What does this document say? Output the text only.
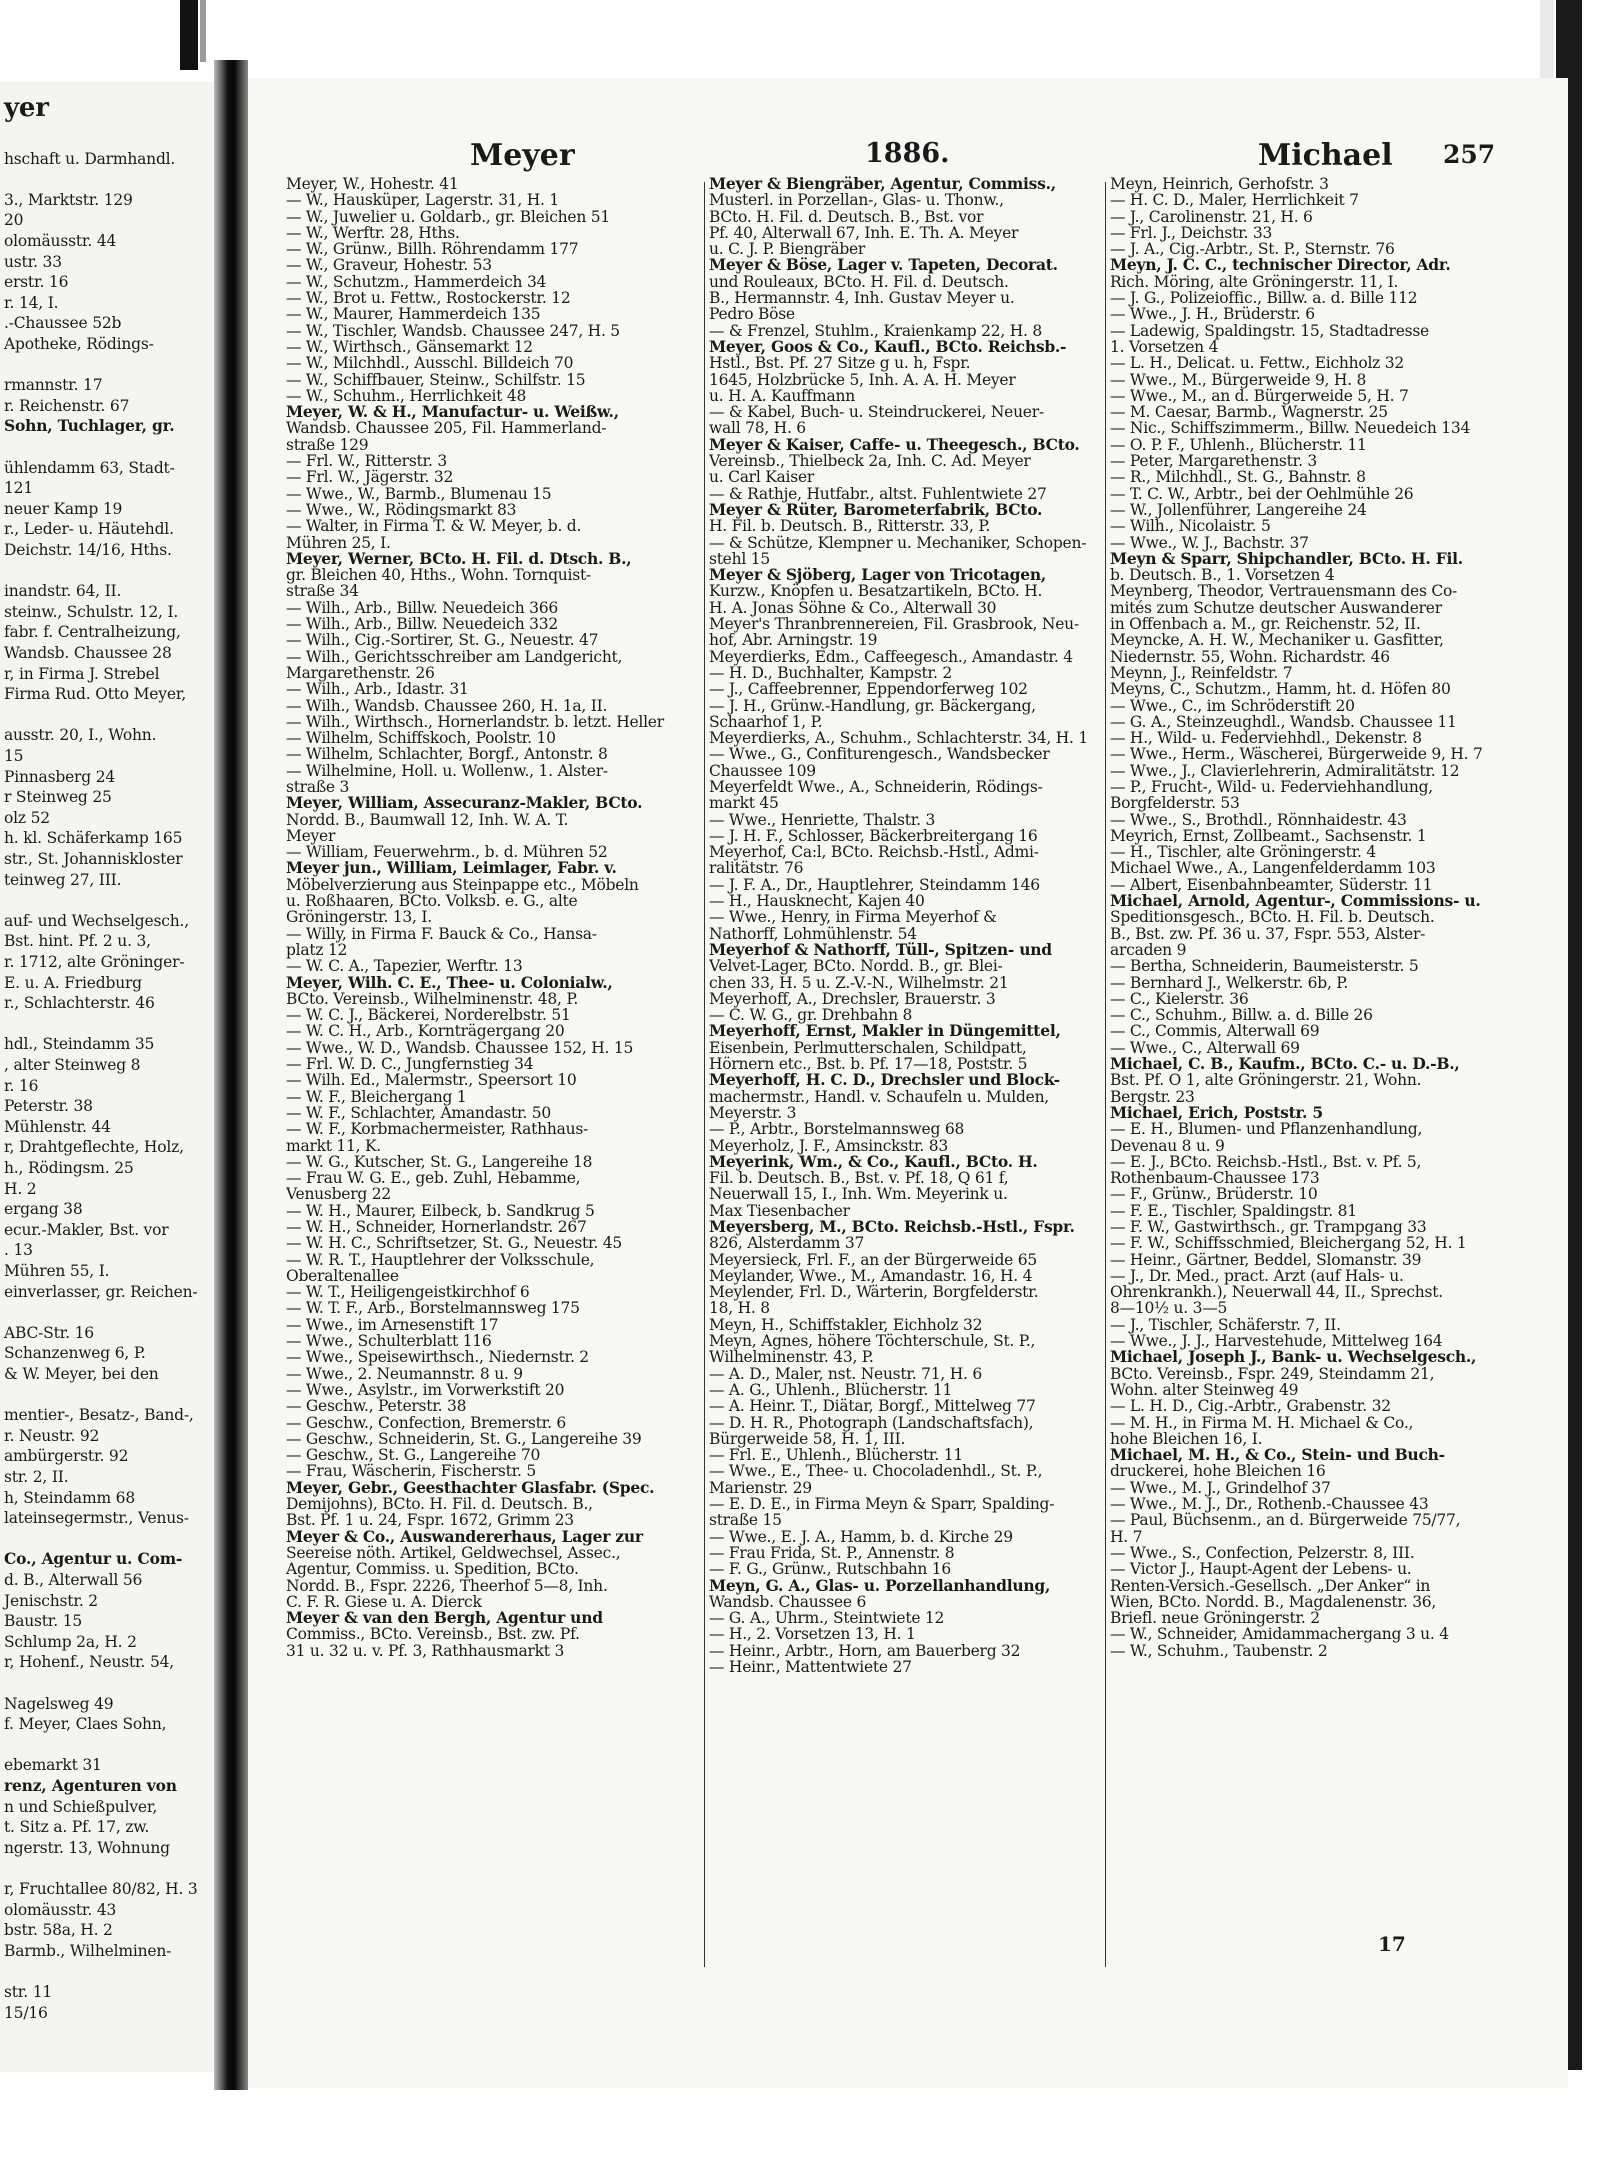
yer
hschaft u. Darmhandl.
3., Marktstr. 129
20
olomäusstr. 44
ustr. 33
erstr. 16
r. 14, I.
.-Chaussee 52b
Apotheke, Rödings-
rmannstr. 17
r. Reichenstr. 67
Sohn, Tuchlager, gr.
ühlendamm 63, Stadt-
121
neuer Kamp 19
r., Leder- u. Häutehdl.
Deichstr. 14/16, Hths.
inandstr. 64, II.
steinw., Schulstr. 12, I.
fabr. f. Centralheizung,
Wandsb. Chaussee 28
r, in Firma J. Strebel
Firma Rud. Otto Meyer,
ausstr. 20, I., Wohn.
15
Pinnasberg 24
r Steinweg 25
olz 52
h. kl. Schäferkamp 165
str., St. Johanniskloster
teinweg 27, III.
auf- und Wechselgesch.,
Bst. hint. Pf. 2 u. 3,
r. 1712, alte Gröninger-
E. u. A. Friedburg
r., Schlachterstr. 46
hdl., Steindamm 35
, alter Steinweg 8
r. 16
Peterstr. 38
Mühlenstr. 44
r, Drahtgeflechte, Holz,
h., Rödingsm. 25
H. 2
ergang 38
ecur.-Makler, Bst. vor
. 13
Mühren 55, I.
einverlasser, gr. Reichen-
ABC-Str. 16
Schanzenweg 6, P.
& W. Meyer, bei den
mentier-, Besatz-, Band-,
r. Neustr. 92
ambürgerstr. 92
str. 2, II.
h, Steindamm 68
lateinsegermstr., Venus-
Co., Agentur u. Com-
d. B., Alterwall 56
Jenischstr. 2
Baustr. 15
Schlump 2a, H. 2
r, Hohenf., Neustr. 54,
Nagelsweg 49
f. Meyer, Claes Sohn,
ebemarkt 31
renz, Agenturen von
n und Schießpulver,
t. Sitz a. Pf. 17, zw.
ngerstr. 13, Wohnung
r, Fruchtallee 80/82, H. 3
olomäusstr. 43
bstr. 58a, H. 2
Barmb., Wilhelminen-
str. 11
15/16
Meyer	1886.	Michael 257
Meyer, W., Hohestr. 41
— W., Hausküper, Lagerstr. 31, H. 1
— W., Juwelier u. Goldarb., gr. Bleichen 51
— W., Werftr. 28, Hths.
— W., Grünw., Billh. Röhrendamm 177
— W., Graveur, Hohestr. 53
— W., Schutzm., Hammerdeich 34
— W., Brot u. Fettw., Rostockerstr. 12
— W., Maurer, Hammerdeich 135
— W., Tischler, Wandsb. Chaussee 247, H. 5
— W., Wirthsch., Gänsemarkt 12
— W., Milchhdl., Ausschl. Billdeich 70
— W., Schiffbauer, Steinw., Schilfstr. 15
— W., Schuhm., Herrlichkeit 48
Meyer, W. & H., Manufactur- u. Weißw.,
Wandsb. Chaussee 205, Fil. Hammerland-
straße 129
— Frl. W., Ritterstr. 3
— Frl. W., Jägerstr. 32
— Wwe., W., Barmb., Blumenau 15
— Wwe., W., Rödingsmarkt 83
— Walter, in Firma T. & W. Meyer, b. d.
Mühren 25, I.
Meyer, Werner, BCto. H. Fil. d. Dtsch. B.,
gr. Bleichen 40, Hths., Wohn. Tornquist-
straße 34
— Wilh., Arb., Billw. Neuedeich 366
— Wilh., Arb., Billw. Neuedeich 332
— Wilh., Cig.-Sortirer, St. G., Neuestr. 47
— Wilh., Gerichtsschreiber am Landgericht,
Margarethenstr. 26
— Wilh., Arb., Idastr. 31
— Wilh., Wandsb. Chaussee 260, H. 1a, II.
— Wilh., Wirthsch., Hornerlandstr. b. letzt. Heller
— Wilhelm, Schiffskoch, Poolstr. 10
— Wilhelm, Schlachter, Borgf., Antonstr. 8
— Wilhelmine, Holl. u. Wollenw., 1. Alster-
straße 3
Meyer, William, Assecuranz-Makler, BCto.
Nordd. B., Baumwall 12, Inh. W. A. T.
Meyer
— William, Feuerwehrm., b. d. Mühren 52
Meyer jun., William, Leimlager, Fabr. v.
Möbelverzierung aus Steinpappe etc., Möbeln
u. Roßhaaren, BCto. Volksb. e. G., alte
Gröningerstr. 13, I.
— Willy, in Firma F. Bauck & Co., Hansa-
platz 12
— W. C. A., Tapezier, Werftr. 13
Meyer, Wilh. C. E., Thee- u. Colonialw.,
BCto. Vereinsb., Wilhelminenstr. 48, P.
— W. C. J., Bäckerei, Norderelbstr. 51
— W. C. H., Arb., Kornträgergang 20
— Wwe., W. D., Wandsb. Chaussee 152, H. 15
— Frl. W. D. C., Jungfernstieg 34
— Wilh. Ed., Malermstr., Speersort 10
— W. F., Bleichergang 1
— W. F., Schlachter, Amandastr. 50
— W. F., Korbmachermeister, Rathhaus-
markt 11, K.
— W. G., Kutscher, St. G., Langereihe 18
— Frau W. G. E., geb. Zuhl, Hebamme,
Venusberg 22
— W. H., Maurer, Eilbeck, b. Sandkrug 5
— W. H., Schneider, Hornerlandstr. 267
— W. H. C., Schriftsetzer, St. G., Neuestr. 45
— W. R. T., Hauptlehrer der Volksschule,
Oberaltenallee
— W. T., Heiligengeistkirchhof 6
— W. T. F., Arb., Borstelmannsweg 175
— Wwe., im Arnesenstift 17
— Wwe., Schulterblatt 116
— Wwe., Speisewirthsch., Niedernstr. 2
— Wwe., 2. Neumannstr. 8 u. 9
— Wwe., Asylstr., im Vorwerkstift 20
— Geschw., Peterstr. 38
— Geschw., Confection, Bremerstr. 6
— Geschw., Schneiderin, St. G., Langereihe 39
— Geschw., St. G., Langereihe 70
— Frau, Wäscherin, Fischerstr. 5
Meyer, Gebr., Geesthachter Glasfabr. (Spec.
Demijohns), BCto. H. Fil. d. Deutsch. B.,
Bst. Pf. 1 u. 24, Fspr. 1672, Grimm 23
Meyer & Co., Auswandererhaus, Lager zur
Seereise nöth. Artikel, Geldwechsel, Assec.,
Agentur, Commiss. u. Spedition, BCto.
Nordd. B., Fspr. 2226, Theerhof 5—8, Inh.
C. F. R. Giese u. A. Dierck
Meyer & van den Bergh, Agentur und
Commiss., BCto. Vereinsb., Bst. zw. Pf.
31 u. 32 u. v. Pf. 3, Rathhausmarkt 3
Meyer & Biengräber, Agentur, Commiss.,
Musterl. in Porzellan-, Glas- u. Thonw.,
BCto. H. Fil. d. Deutsch. B., Bst. vor
Pf. 40, Alterwall 67, Inh. E. Th. A. Meyer
u. C. J. P. Biengräber
Meyer & Böse, Lager v. Tapeten, Decorat.
und Rouleaux, BCto. H. Fil. d. Deutsch.
B., Hermannstr. 4, Inh. Gustav Meyer u.
Pedro Böse
— & Frenzel, Stuhlm., Kraienkamp 22, H. 8
Meyer, Goos & Co., Kaufl., BCto. Reichsb.-
Hstl., Bst. Pf. 27 Sitze g u. h, Fspr.
1645, Holzbrücke 5, Inh. A. A. H. Meyer
u. H. A. Kauffmann
— & Kabel, Buch- u. Steindruckerei, Neuer-
wall 78, H. 6
Meyer & Kaiser, Caffe- u. Theegesch., BCto.
Vereinsb., Thielbeck 2a, Inh. C. Ad. Meyer
u. Carl Kaiser
— & Rathje, Hutfabr., altst. Fuhlentwiete 27
Meyer & Rüter, Barometerfabrik, BCto.
H. Fil. b. Deutsch. B., Ritterstr. 33, P.
— & Schütze, Klempner u. Mechaniker, Schopen-
stehl 15
Meyer & Sjöberg, Lager von Tricotagen,
Kurzw., Knöpfen u. Besatzartikeln, BCto. H.
H. A. Jonas Söhne & Co., Alterwall 30
Meyer's Thranbrennereien, Fil. Grasbrook, Neu-
hof, Abr. Arningstr. 19
Meyerdierks, Edm., Caffeegesch., Amandastr. 4
— H. D., Buchhalter, Kampstr. 2
— J., Caffeebrenner, Eppendorferweg 102
— J. H., Grünw.-Handlung, gr. Bäckergang,
Schaarhof 1, P.
Meyerdierks, A., Schuhm., Schlachterstr. 34, H. 1
— Wwe., G., Confiturengesch., Wandsbecker
Chaussee 109
Meyerfeldt Wwe., A., Schneiderin, Rödings-
markt 45
— Wwe., Henriette, Thalstr. 3
— J. H. F., Schlosser, Bäckerbreitergang 16
Meyerhof, Ca:l, BCto. Reichsb.-Hstl., Admi-
ralitätstr. 76
— J. F. A., Dr., Hauptlehrer, Steindamm 146
— H., Hausknecht, Kajen 40
— Wwe., Henry, in Firma Meyerhof &
Nathorff, Lohmühlenstr. 54
Meyerhof & Nathorff, Tüll-, Spitzen- und
Velvet-Lager, BCto. Nordd. B., gr. Blei-
chen 33, H. 5 u. Z.-V.-N., Wilhelmstr. 21
Meyerhoff, A., Drechsler, Brauerstr. 3
— C. W. G., gr. Drehbahn 8
Meyerhoff, Ernst, Makler in Düngemittel,
Eisenbein, Perlmutterschalen, Schildpatt,
Hörnern etc., Bst. b. Pf. 17—18, Poststr. 5
Meyerhoff, H. C. D., Drechsler und Block-
machermstr., Handl. v. Schaufeln u. Mulden,
Meyerstr. 3
— P., Arbtr., Borstelmannsweg 68
Meyerholz, J. F., Amsinckstr. 83
Meyerink, Wm., & Co., Kaufl., BCto. H.
Fil. b. Deutsch. B., Bst. v. Pf. 18, Q 61 f,
Neuerwall 15, I., Inh. Wm. Meyerink u.
Max Tiesenbacher
Meyersberg, M., BCto. Reichsb.-Hstl., Fspr.
826, Alsterdamm 37
Meyersieck, Frl. F., an der Bürgerweide 65
Meylander, Wwe., M., Amandastr. 16, H. 4
Meylender, Frl. D., Wärterin, Borgfelderstr.
18, H. 8
Meyn, H., Schiffstakler, Eichholz 32
Meyn, Agnes, höhere Töchterschule, St. P.,
Wilhelminenstr. 43, P.
— A. D., Maler, nst. Neustr. 71, H. 6
— A. G., Uhlenh., Blücherstr. 11
— A. Heinr. T., Diätar, Borgf., Mittelweg 77
— D. H. R., Photograph (Landschaftsfach),
Bürgerweide 58, H. 1, III.
— Frl. E., Uhlenh., Blücherstr. 11
— Wwe., E., Thee- u. Chocoladenhdl., St. P.,
Marienstr. 29
— E. D. E., in Firma Meyn & Sparr, Spalding-
straße 15
— Wwe., E. J. A., Hamm, b. d. Kirche 29
— Frau Frida, St. P., Annenstr. 8
— F. G., Grünw., Rutschbahn 16
Meyn, G. A., Glas- u. Porzellanhandlung,
Wandsb. Chaussee 6
— G. A., Uhrm., Steintwiete 12
— H., 2. Vorsetzen 13, H. 1
— Heinr., Arbtr., Horn, am Bauerberg 32
— Heinr., Mattentwiete 27
Meyn, Heinrich, Gerhofstr. 3
— H. C. D., Maler, Herrlichkeit 7
— J., Carolinenstr. 21, H. 6
— Frl. J., Deichstr. 33
— J. A., Cig.-Arbtr., St. P., Sternstr. 76
Meyn, J. C. C., technischer Director, Adr.
Rich. Möring, alte Gröningerstr. 11, I.
— J. G., Polizeioffic., Billw. a. d. Bille 112
— Wwe., J. H., Brüderstr. 6
— Ladewig, Spaldingstr. 15, Stadtadresse
1. Vorsetzen 4
— L. H., Delicat. u. Fettw., Eichholz 32
— Wwe., M., Bürgerweide 9, H. 8
— Wwe., M., an d. Bürgerweide 5, H. 7
— M. Caesar, Barmb., Wagnerstr. 25
— Nic., Schiffszimmerm., Billw. Neuedeich 134
— O. P. F., Uhlenh., Blücherstr. 11
— Peter, Margarethenstr. 3
— R., Milchhdl., St. G., Bahnstr. 8
— T. C. W., Arbtr., bei der Oehlmühle 26
— W., Jollenführer, Langereihe 24
— Wilh., Nicolaistr. 5
— Wwe., W. J., Bachstr. 37
Meyn & Sparr, Shipchandler, BCto. H. Fil.
b. Deutsch. B., 1. Vorsetzen 4
Meynberg, Theodor, Vertrauensmann des Co-
mités zum Schutze deutscher Auswanderer
in Offenbach a. M., gr. Reichenstr. 52, II.
Meyncke, A. H. W., Mechaniker u. Gasfitter,
Niedernstr. 55, Wohn. Richardstr. 46
Meynn, J., Reinfeldstr. 7
Meyns, C., Schutzm., Hamm, ht. d. Höfen 80
— Wwe., C., im Schröderstift 20
— G. A., Steinzeughdl., Wandsb. Chaussee 11
— H., Wild- u. Federviehhdl., Dekenstr. 8
— Wwe., Herm., Wäscherei, Bürgerweide 9, H. 7
— Wwe., J., Clavierlehrerin, Admiralitätstr. 12
— P., Frucht-, Wild- u. Federviehhandlung,
Borgfelderstr. 53
— Wwe., S., Brothdl., Rönnhaidestr. 43
Meyrich, Ernst, Zollbeamt., Sachsenstr. 1
— H., Tischler, alte Gröningerstr. 4
Michael Wwe., A., Langenfelderdamm 103
— Albert, Eisenbahnbeamter, Süderstr. 11
Michael, Arnold, Agentur-, Commissions- u.
Speditionsgesch., BCto. H. Fil. b. Deutsch.
B., Bst. zw. Pf. 36 u. 37, Fspr. 553, Alster-
arcaden 9
— Bertha, Schneiderin, Baumeisterstr. 5
— Bernhard J., Welkerstr. 6b, P.
— C., Kielerstr. 36
— C., Schuhm., Billw. a. d. Bille 26
— C., Commis, Alterwall 69
— Wwe., C., Alterwall 69
Michael, C. B., Kaufm., BCto. C.- u. D.-B.,
Bst. Pf. O 1, alte Gröningerstr. 21, Wohn.
Bergstr. 23
Michael, Erich, Poststr. 5
— E. H., Blumen- und Pflanzenhandlung,
Devenau 8 u. 9
— E. J., BCto. Reichsb.-Hstl., Bst. v. Pf. 5,
Rothenbaum-Chaussee 173
— F., Grünw., Brüderstr. 10
— F. E., Tischler, Spaldingstr. 81
— F. W., Gastwirthsch., gr. Trampgang 33
— F. W., Schiffsschmied, Bleichergang 52, H. 1
— Heinr., Gärtner, Beddel, Slomanstr. 39
— J., Dr. Med., pract. Arzt (auf Hals- u.
Ohrenkrankh.), Neuerwall 44, II., Sprechst.
8—10½ u. 3—5
— J., Tischler, Schäferstr. 7, II.
— Wwe., J. J., Harvestehude, Mittelweg 164
Michael, Joseph J., Bank- u. Wechselgesch.,
BCto. Vereinsb., Fspr. 249, Steindamm 21,
Wohn. alter Steinweg 49
— L. H. D., Cig.-Arbtr., Grabenstr. 32
— M. H., in Firma M. H. Michael & Co.,
hohe Bleichen 16, I.
Michael, M. H., & Co., Stein- und Buch-
druckerei, hohe Bleichen 16
— Wwe., M. J., Grindelhof 37
— Wwe., M. J., Dr., Rothenb.-Chaussee 43
— Paul, Büchsenm., an d. Bürgerweide 75/77,
H. 7
— Wwe., S., Confection, Pelzerstr. 8, III.
— Victor J., Haupt-Agent der Lebens- u.
Renten-Versich.-Gesellsch. „Der Anker“ in
Wien, BCto. Nordd. B., Magdalenenstr. 36,
Briefl. neue Gröningerstr. 2
— W., Schneider, Amidammachergang 3 u. 4
— W., Schuhm., Taubenstr. 2
17
